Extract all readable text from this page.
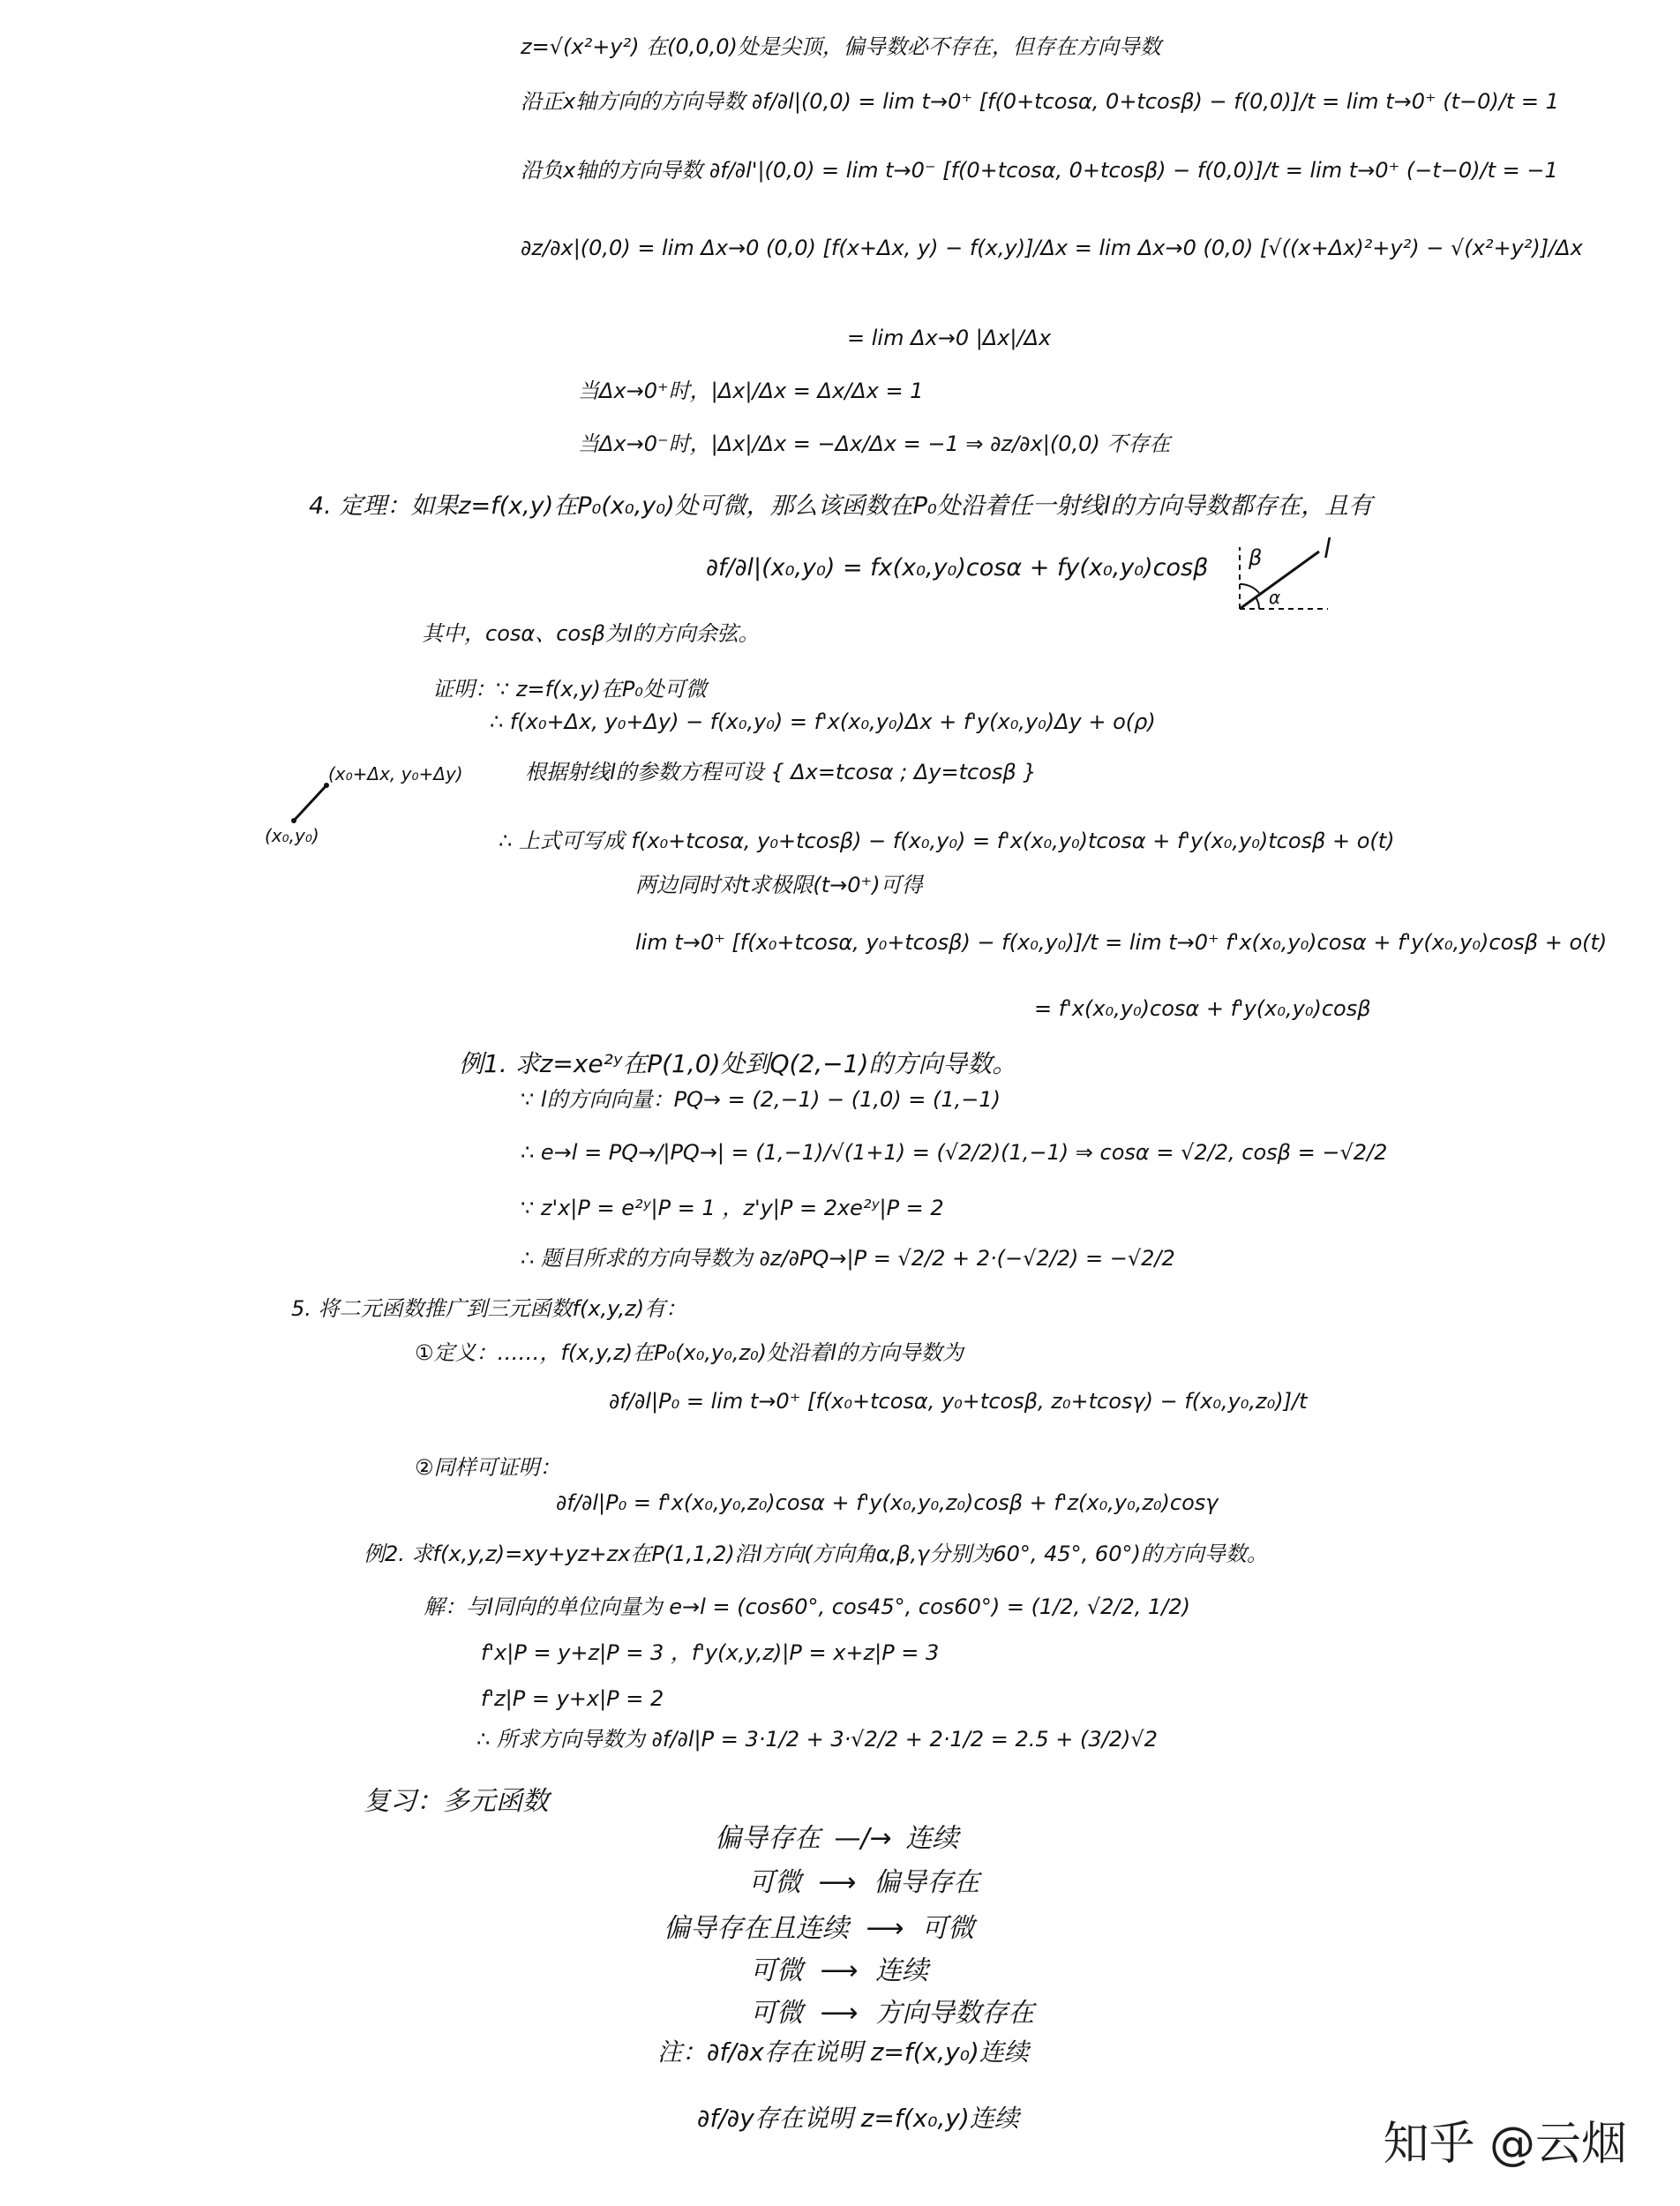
z=√(x²+y²) 在(0,0,0)处是尖顶，偏导数必不存在，但存在方向导数
沿正x轴方向的方向导数 ∂f/∂l|(0,0) = lim t→0⁺ [f(0+tcosα, 0+tcosβ) − f(0,0)]/t = lim t→0⁺ (t−0)/t = 1
沿负x轴的方向导数 ∂f/∂l'|(0,0) = lim t→0⁻ [f(0+tcosα, 0+tcosβ) − f(0,0)]/t = lim t→0⁺ (−t−0)/t = −1
∂z/∂x|(0,0) = lim Δx→0 (0,0) [f(x+Δx, y) − f(x,y)]/Δx = lim Δx→0 (0,0) [√((x+Δx)²+y²) − √(x²+y²)]/Δx
= lim Δx→0 |Δx|/Δx
当Δx→0⁺时，|Δx|/Δx = Δx/Δx = 1
当Δx→0⁻时，|Δx|/Δx = −Δx/Δx = −1 ⇒ ∂z/∂x|(0,0) 不存在
4. 定理：如果z=f(x,y)在P₀(x₀,y₀)处可微，那么该函数在P₀处沿着任一射线l的方向导数都存在，且有
∂f/∂l|(x₀,y₀) = fx(x₀,y₀)cosα + fy(x₀,y₀)cosβ
其中，cosα、cosβ为l的方向余弦。
证明：∵ z=f(x,y)在P₀处可微
∴ f(x₀+Δx, y₀+Δy) − f(x₀,y₀) = f'x(x₀,y₀)Δx + f'y(x₀,y₀)Δy + o(ρ)
根据射线l的参数方程可设 { Δx=tcosα ; Δy=tcosβ }
∴ 上式可写成 f(x₀+tcosα, y₀+tcosβ) − f(x₀,y₀) = f'x(x₀,y₀)tcosα + f'y(x₀,y₀)tcosβ + o(t)
两边同时对t求极限(t→0⁺)可得
lim t→0⁺ [f(x₀+tcosα, y₀+tcosβ) − f(x₀,y₀)]/t = lim t→0⁺ f'x(x₀,y₀)cosα + f'y(x₀,y₀)cosβ + o(t)
= f'x(x₀,y₀)cosα + f'y(x₀,y₀)cosβ
例1. 求z=xe²ʸ在P(1,0)处到Q(2,−1)的方向导数。
∵ l的方向向量：PQ→ = (2,−1) − (1,0) = (1,−1)
∴ e→l = PQ→/|PQ→| = (1,−1)/√(1+1) = (√2/2)(1,−1) ⇒ cosα = √2/2, cosβ = −√2/2
∵ z'x|P = e²ʸ|P = 1 ，z'y|P = 2xe²ʸ|P = 2
∴ 题目所求的方向导数为 ∂z/∂PQ→|P = √2/2 + 2·(−√2/2) = −√2/2
5. 将二元函数推广到三元函数f(x,y,z)有：
①定义：……，f(x,y,z)在P₀(x₀,y₀,z₀)处沿着l的方向导数为
∂f/∂l|P₀ = lim t→0⁺ [f(x₀+tcosα, y₀+tcosβ, z₀+tcosγ) − f(x₀,y₀,z₀)]/t
②同样可证明：
∂f/∂l|P₀ = f'x(x₀,y₀,z₀)cosα + f'y(x₀,y₀,z₀)cosβ + f'z(x₀,y₀,z₀)cosγ
例2. 求f(x,y,z)=xy+yz+zx在P(1,1,2)沿l方向(方向角α,β,γ分别为60°, 45°, 60°)的方向导数。
解：与l同向的单位向量为 e→l = (cos60°, cos45°, cos60°) = (1/2, √2/2, 1/2)
f'x|P = y+z|P = 3 ，f'y(x,y,z)|P = x+z|P = 3
f'z|P = y+x|P = 2
∴ 所求方向导数为 ∂f/∂l|P = 3·1/2 + 3·√2/2 + 2·1/2 = 2.5 + (3/2)√2
复习：多元函数
偏导存在 —/→ 连续
可微 ⟶ 偏导存在
偏导存在且连续 ⟶ 可微
可微 ⟶ 连续
可微 ⟶ 方向导数存在
注：∂f/∂x存在说明 z=f(x,y₀)连续
∂f/∂y存在说明 z=f(x₀,y)连续
β
α
l
(x₀+Δx, y₀+Δy)
(x₀,y₀)
知乎 @云烟
